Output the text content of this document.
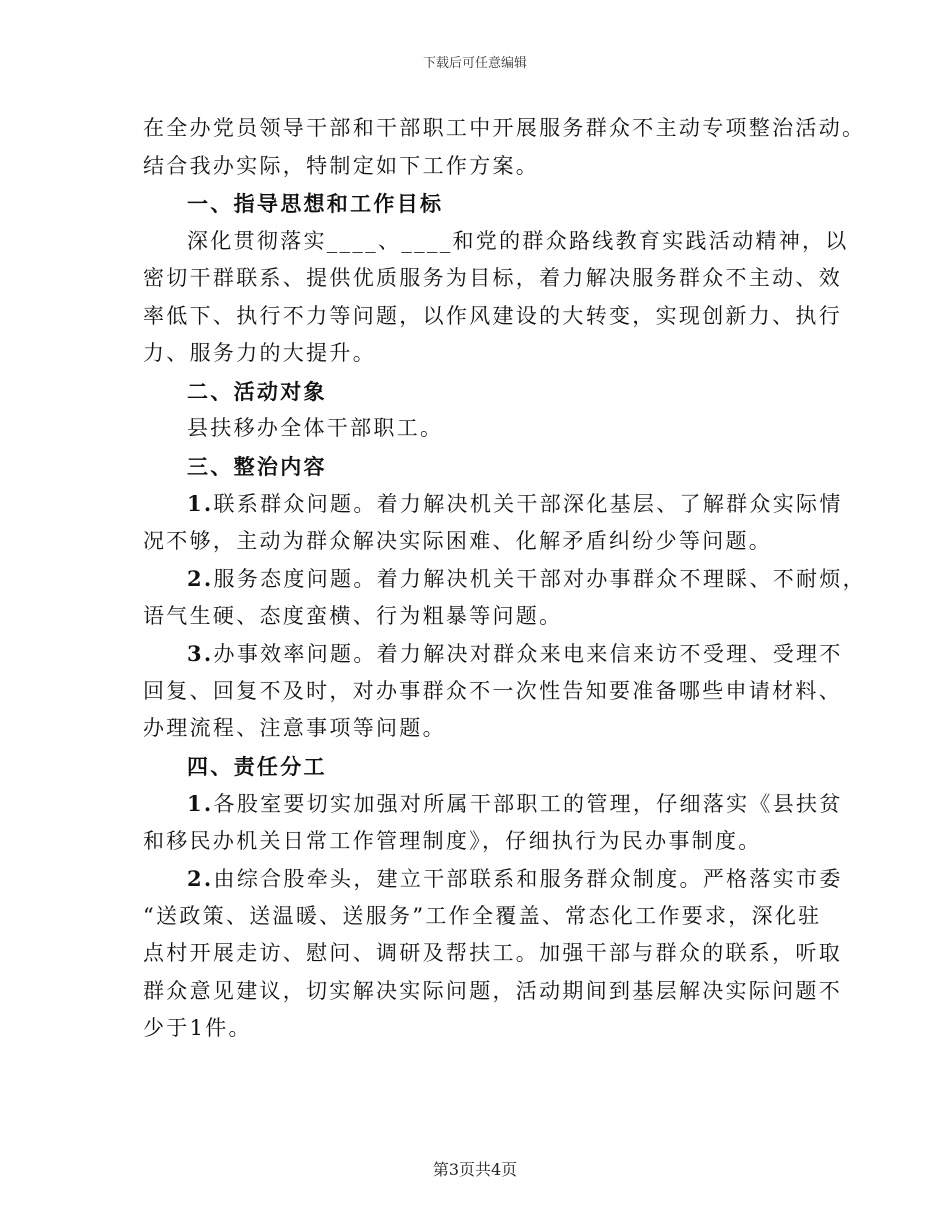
下载后可任意编辑
在全办党员领导干部和干部职工中开展服务群众不主动专项整治活动。
结合我办实际，特制定如下工作方案。
一、指导思想和工作目标
深化贯彻落实____、____和党的群众路线教育实践活动精神，以
密切干群联系、提供优质服务为目标，着力解决服务群众不主动、效
率低下、执行不力等问题，以作风建设的大转变，实现创新力、执行
力、服务力的大提升。
二、活动对象
县扶移办全体干部职工。
三、整治内容
1.联系群众问题。着力解决机关干部深化基层、了解群众实际情
况不够，主动为群众解决实际困难、化解矛盾纠纷少等问题。
2.服务态度问题。着力解决机关干部对办事群众不理睬、不耐烦，
语气生硬、态度蛮横、行为粗暴等问题。
3.办事效率问题。着力解决对群众来电来信来访不受理、受理不
回复、回复不及时，对办事群众不一次性告知要准备哪些申请材料、
办理流程、注意事项等问题。
四、责任分工
1.各股室要切实加强对所属干部职工的管理，仔细落实《县扶贫
和移民办机关日常工作管理制度》，仔细执行为民办事制度。
2.由综合股牵头，建立干部联系和服务群众制度。严格落实市委
“送政策、送温暖、送服务”工作全覆盖、常态化工作要求，深化驻
点村开展走访、慰问、调研及帮扶工。加强干部与群众的联系，听取
群众意见建议，切实解决实际问题，活动期间到基层解决实际问题不
少于1件。
第3页共4页
